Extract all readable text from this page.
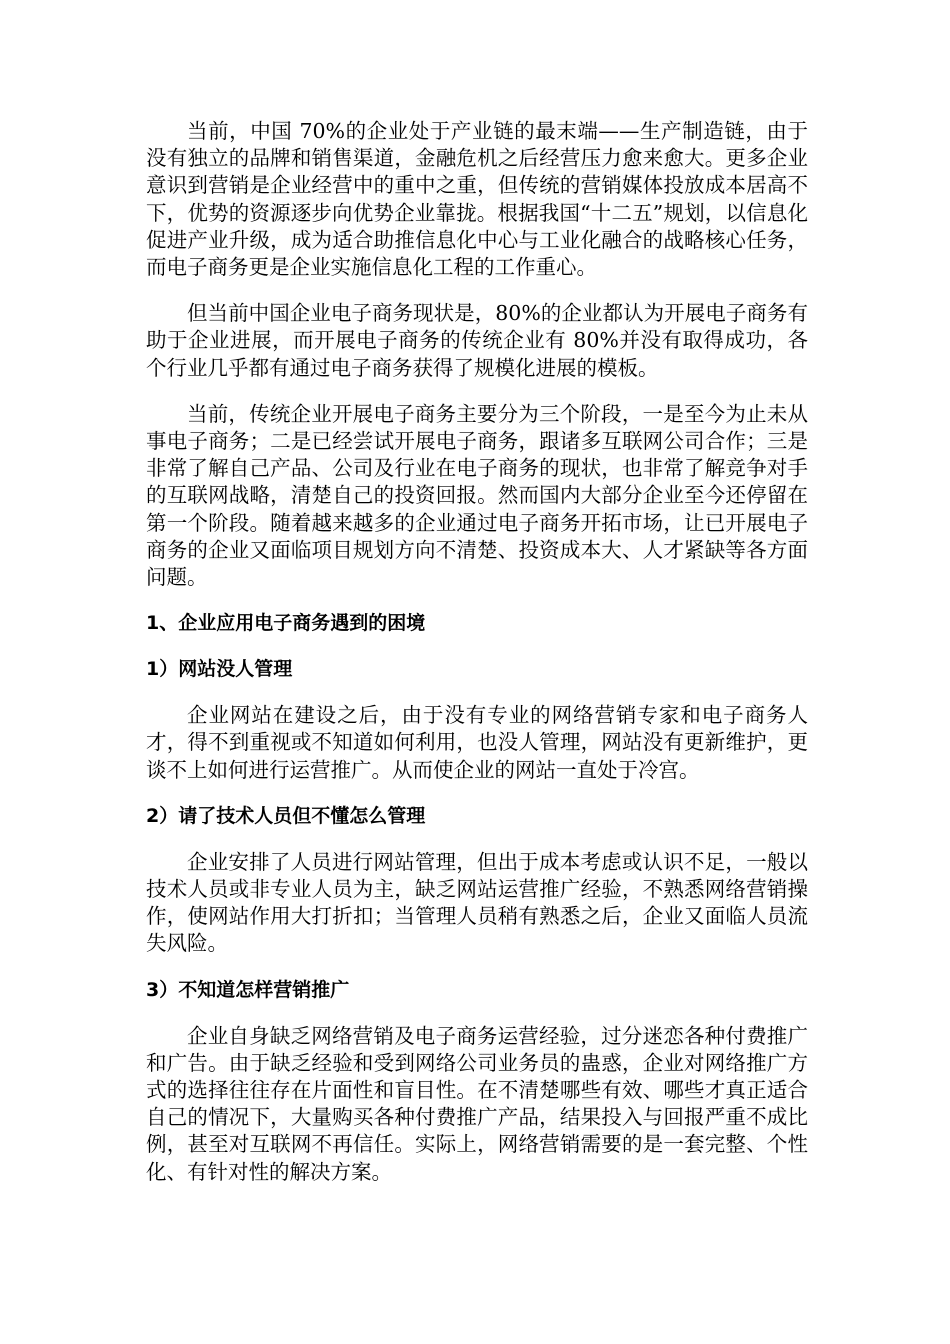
当前，中国 70%的企业处于产业链的最末端——生产制造链，由于没有独立的品牌和销售渠道，金融危机之后经营压力愈来愈大。更多企业意识到营销是企业经营中的重中之重，但传统的营销媒体投放成本居高不下，优势的资源逐步向优势企业靠拢。根据我国“十二五”规划，以信息化促进产业升级，成为适合助推信息化中心与工业化融合的战略核心任务，而电子商务更是企业实施信息化工程的工作重心。

但当前中国企业电子商务现状是，80%的企业都认为开展电子商务有助于企业进展，而开展电子商务的传统企业有 80%并没有取得成功，各个行业几乎都有通过电子商务获得了规模化进展的模板。

当前，传统企业开展电子商务主要分为三个阶段，一是至今为止未从事电子商务；二是已经尝试开展电子商务，跟诸多互联网公司合作；三是非常了解自己产品、公司及行业在电子商务的现状，也非常了解竞争对手的互联网战略，清楚自己的投资回报。然而国内大部分企业至今还停留在第一个阶段。随着越来越多的企业通过电子商务开拓市场，让已开展电子商务的企业又面临项目规划方向不清楚、投资成本大、人才紧缺等各方面问题。

1、企业应用电子商务遇到的困境
1）网站没人管理

企业网站在建设之后，由于没有专业的网络营销专家和电子商务人才，得不到重视或不知道如何利用，也没人管理，网站没有更新维护，更谈不上如何进行运营推广。从而使企业的网站一直处于冷宫。

2）请了技术人员但不懂怎么管理

企业安排了人员进行网站管理，但出于成本考虑或认识不足，一般以技术人员或非专业人员为主，缺乏网站运营推广经验，不熟悉网络营销操作，使网站作用大打折扣；当管理人员稍有熟悉之后，企业又面临人员流失风险。

3）不知道怎样营销推广

企业自身缺乏网络营销及电子商务运营经验，过分迷恋各种付费推广和广告。由于缺乏经验和受到网络公司业务员的蛊惑，企业对网络推广方式的选择往往存在片面性和盲目性。在不清楚哪些有效、哪些才真正适合自己的情况下，大量购买各种付费推广产品，结果投入与回报严重不成比例，甚至对互联网不再信任。实际上，网络营销需要的是一套完整、个性化、有针对性的解决方案。
